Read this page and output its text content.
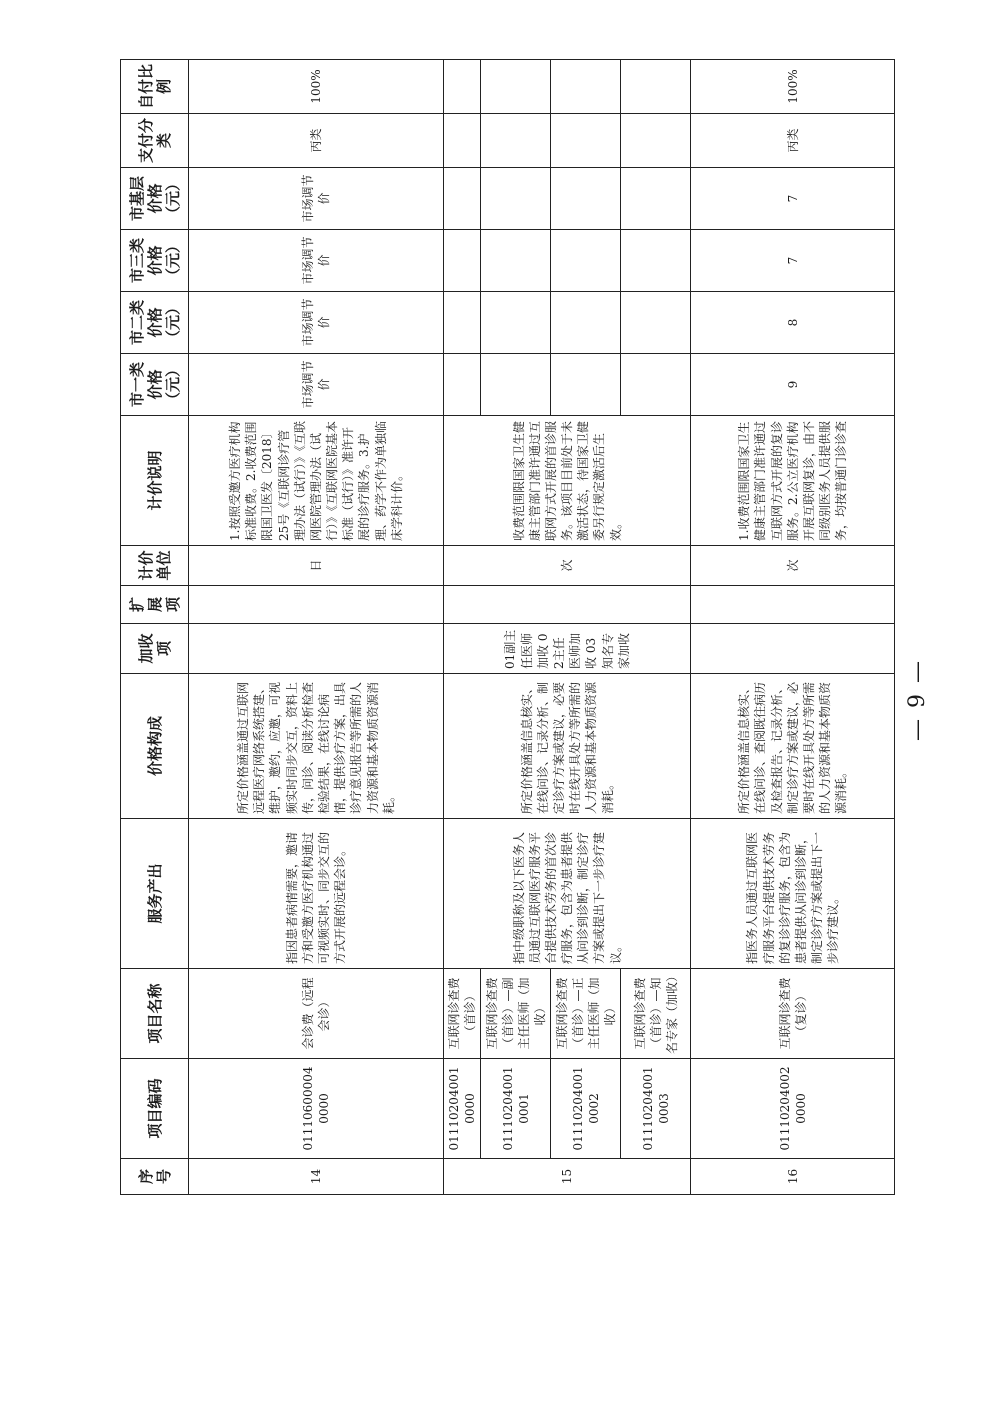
序号	项目编码	项目名称	服务产出	价格构成	加收项	扩展项	计价单位	计价说明	市一类价格（元）	市二类价格（元）	市三类价格（元）	市基层价格（元）	支付分类	自付比例
14	011106000040000	会诊费（远程会诊）	指因患者病情需要，邀请方和受邀方医疗机构通过可视频实时、同步交互的方式开展的远程会诊。	所定价格涵盖通过互联网远程医疗网络系统搭建、维护，邀约，应邀，可视频实时同步交互，资料上传，问诊、阅读分析检查检验结果，在线讨论病情，提供诊疗方案，出具诊疗意见报告等所需的人力资源和基本物质资源消耗。			日	1.按照受邀方医疗机构标准收费。2.收费范围限国卫医发〔2018〕25号《互联网诊疗管理办法（试行）》《互联网医院管理办法（试行）》《互联网医院基本标准（试行）》准许开展的诊疗服务。3.护理、药学不作为单独临床学科计价。	市场调节价	市场调节价	市场调节价	市场调节价	丙类	100%
15	011102040010000	互联网诊查费（首诊）	指中级职称及以下医务人员通过互联网医疗服务平台提供技术劳务的首次诊疗服务，包含为患者提供从问诊到诊断，制定诊疗方案或提出下一步诊疗建议。	所定价格涵盖信息核实、在线问诊、记录分析、制定诊疗方案或建议，必要时在线开具处方等所需的人力资源和基本物质资源消耗。	01副主任医师加收 02主任医师加收 03知名专家加收		次	收费范围限国家卫生健康主管部门准许通过互联网方式开展的首诊服务。该项目目前处于未激活状态，待国家卫健委另行规定激活后生效。						
	011102040010001	互联网诊查费（首诊）—副主任医师（加收）												
	011102040010002	互联网诊查费（首诊）—正主任医师（加收）												
	011102040010003	互联网诊查费（首诊）—知名专家（加收）												
16	011102040020000	互联网诊查费（复诊）	指医务人员通过互联网医疗服务平台提供技术劳务的复诊诊疗服务，包含为患者提供从问诊到诊断，制定诊疗方案或提出下一步诊疗建议。	所定价格涵盖信息核实、在线问诊、查阅既往病历及检查报告、记录分析、制定诊疗方案或建议，必要时在线开具处方等所需的人力资源和基本物质资源消耗。			次	1.收费范围限国家卫生健康主管部门准许通过互联网方式开展的复诊服务。2.公立医疗机构开展互联网复诊，由不同级别医务人员提供服务，均按普通门诊诊查	9	8	7	7	丙类	100%
— 9 —
